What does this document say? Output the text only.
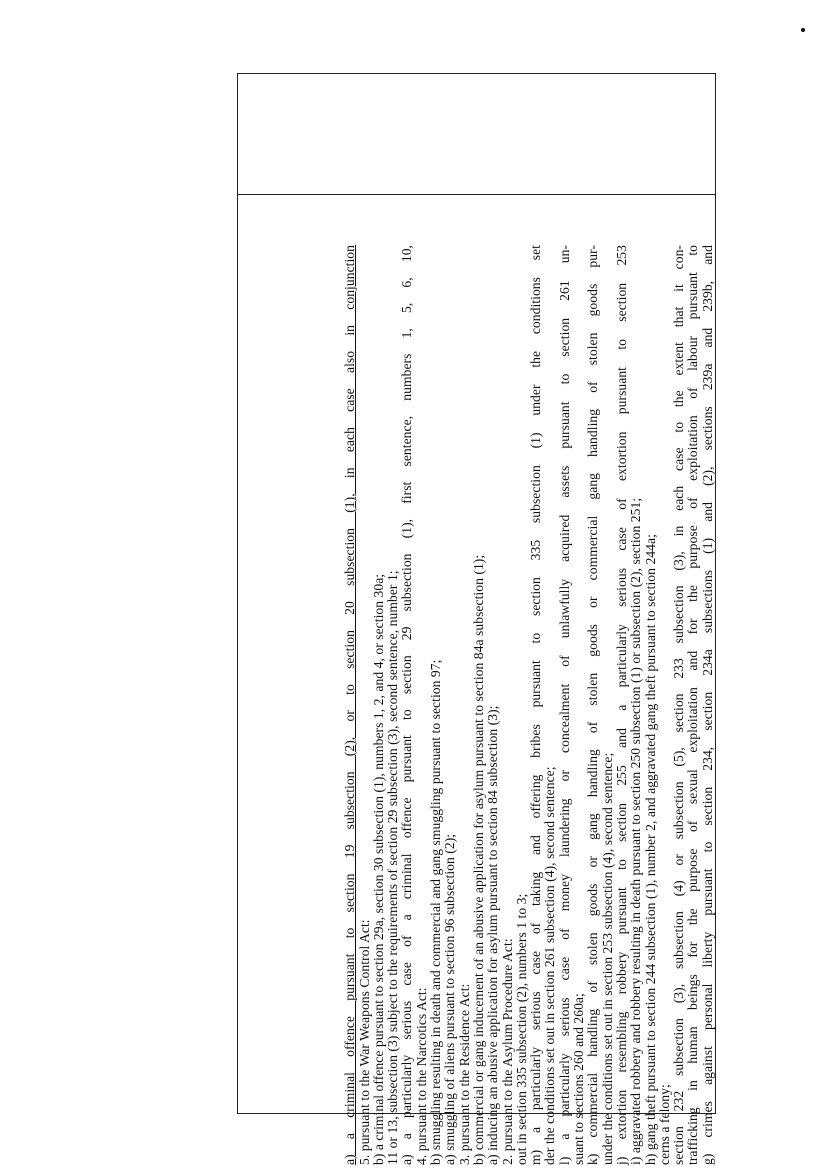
g) crimes against personal liberty pursuant to section 234, section 234a subsections (1) and (2), sections 239a and 239b, and
trafficking in human beings for the purpose of sexual exploitation and for the purpose of exploitation of labour pursuant to
section 232 subsection (3), subsection (4) or subsection (5), section 233 subsection (3), in each case to the extent that it con-
cerns a felony;
h) gang theft pursuant to section 244 subsection (1), number 2, and aggravated gang theft pursuant to section 244a;
i) aggravated robbery and robbery resulting in death pursuant to section 250 subsection (1) or subsection (2), section 251;
j) extortion resembling robbery pursuant to section 255 and a particularly serious case of extortion pursuant to section 253
under the conditions set out in section 253 subsection (4), second sentence;
k) commercial handling of stolen goods or gang handling of stolen goods or commercial gang handling of stolen goods pur-
suant to sections 260 and 260a;
l) a particularly serious case of money laundering or concealment of unlawfully acquired assets pursuant to section 261 un-
der the conditions set out in section 261 subsection (4), second sentence;
m) a particularly serious case of taking and offering bribes pursuant to section 335 subsection (1) under the conditions set
out in section 335 subsection (2), numbers 1 to 3;
2. pursuant to the Asylum Procedure Act:
a) inducing an abusive application for asylum pursuant to section 84 subsection (3);
b) commercial or gang inducement of an abusive application for asylum pursuant to section 84a subsection (1);
3. pursuant to the Residence Act:
a) smuggling of aliens pursuant to section 96 subsection (2);
b) smuggling resulting in death and commercial and gang smuggling pursuant to section 97;
4. pursuant to the Narcotics Act:
a) a particularly serious case of a criminal offence pursuant to section 29 subsection (1), first sentence, numbers 1, 5, 6, 10,
11 or 13, subsection (3) subject to the requirements of section 29 subsection (3), second sentence, number 1;
b) a criminal offence pursuant to section 29a, section 30 subsection (1), numbers 1, 2, and 4, or section 30a;
5. pursuant to the War Weapons Control Act:
a) a criminal offence pursuant to section 19 subsection (2), or to section 20 subsection (1), in each case also in conjunction
